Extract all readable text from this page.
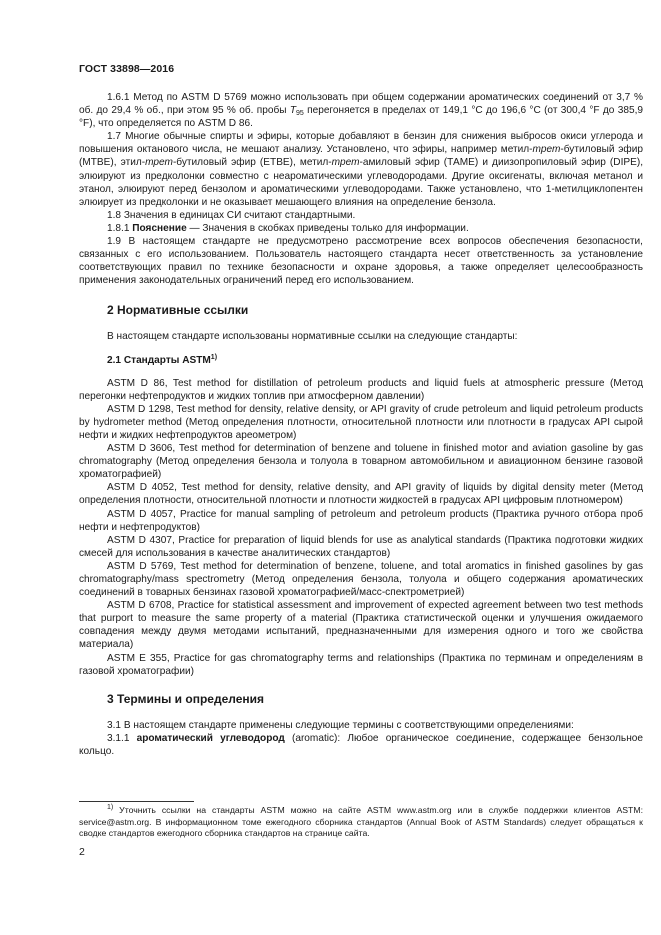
ГОСТ 33898—2016

1.6.1 Метод по ASTM D 5769 можно использовать при общем содержании ароматических соединений от 3,7 % об. до 29,4 % об., при этом 95 % об. пробы $T_{95}$ перегоняется в пределах от 149,1 °С до 196,6 °С (от 300,4 °F до 385,9 °F), что определяется по ASTM D 86.

1.7 Многие обычные спирты и эфиры, которые добавляют в бензин для снижения выбросов окиси углерода и повышения октанового числа, не мешают анализу. Установлено, что эфиры, например метил-трет-бутиловый эфир (МТВЕ), этил-трет-бутиловый эфир (ETBE), метил-трет-амиловый эфир (ТАМЕ) и диизопропиловый эфир (DIPE), элюируют из предколонки совместно с неароматическими углеводородами. Другие оксигенаты, включая метанол и этанол, элюируют перед бензолом и ароматическими углеводородами. Также установлено, что 1-метилциклопентен элюирует из предколонки и не оказывает мешающего влияния на определение бензола.

1.8 Значения в единицах СИ считают стандартными.

1.8.1 Пояснение — Значения в скобках приведены только для информации.

1.9 В настоящем стандарте не предусмотрено рассмотрение всех вопросов обеспечения безопасности, связанных с его использованием. Пользователь настоящего стандарта несет ответственность за установление соответствующих правил по технике безопасности и охране здоровья, а также определяет целесообразность применения законодательных ограничений перед его использованием.

2 Нормативные ссылки

В настоящем стандарте использованы нормативные ссылки на следующие стандарты:

2.1 Стандарты ASTM$^{1)}$

ASTM D 86, Test method for distillation of petroleum products and liquid fuels at atmospheric pressure (Метод перегонки нефтепродуктов и жидких топлив при атмосферном давлении)

ASTM D 1298, Test method for density, relative density, or API gravity of crude petroleum and liquid petroleum products by hydrometer method (Метод определения плотности, относительной плотности или плотности в градусах API сырой нефти и жидких нефтепродуктов ареометром)

ASTM D 3606, Test method for determination of benzene and toluene in finished motor and aviation gasoline by gas chromatography (Метод определения бензола и толуола в товарном автомобильном и авиационном бензине газовой хроматографией)

ASTM D 4052, Test method for density, relative density, and API gravity of liquids by digital density meter (Метод определения плотности, относительной плотности и плотности жидкостей в градусах API цифровым плотномером)

ASTM D 4057, Practice for manual sampling of petroleum and petroleum products (Практика ручного отбора проб нефти и нефтепродуктов)

ASTM D 4307, Practice for preparation of liquid blends for use as analytical standards (Практика подготовки жидких смесей для использования в качестве аналитических стандартов)

ASTM D 5769, Test method for determination of benzene, toluene, and total aromatics in finished gasolines by gas chromatography/mass spectrometry (Метод определения бензола, толуола и общего содержания ароматических соединений в товарных бензинах газовой хроматографией/масс-спектрометрией)

ASTM D 6708, Practice for statistical assessment and improvement of expected agreement between two test methods that purport to measure the same property of a material (Практика статистической оценки и улучшения ожидаемого совпадения между двумя методами испытаний, предназначенными для измерения одного и того же свойства материала)

ASTM E 355, Practice for gas chromatography terms and relationships (Практика по терминам и определениям в газовой хроматографии)

3 Термины и определения

3.1 В настоящем стандарте применены следующие термины с соответствующими определениями:

3.1.1 ароматический углеводород (aromatic): Любое органическое соединение, содержащее бензольное кольцо.

$^{1)}$ Уточнить ссылки на стандарты ASTM можно на сайте ASTM www.astm.org или в службе поддержки клиентов ASTM: service@astm.org. В информационном томе ежегодного сборника стандартов (Annual Book of ASTM Standards) следует обращаться к сводке стандартов ежегодного сборника стандартов на странице сайта.

2
